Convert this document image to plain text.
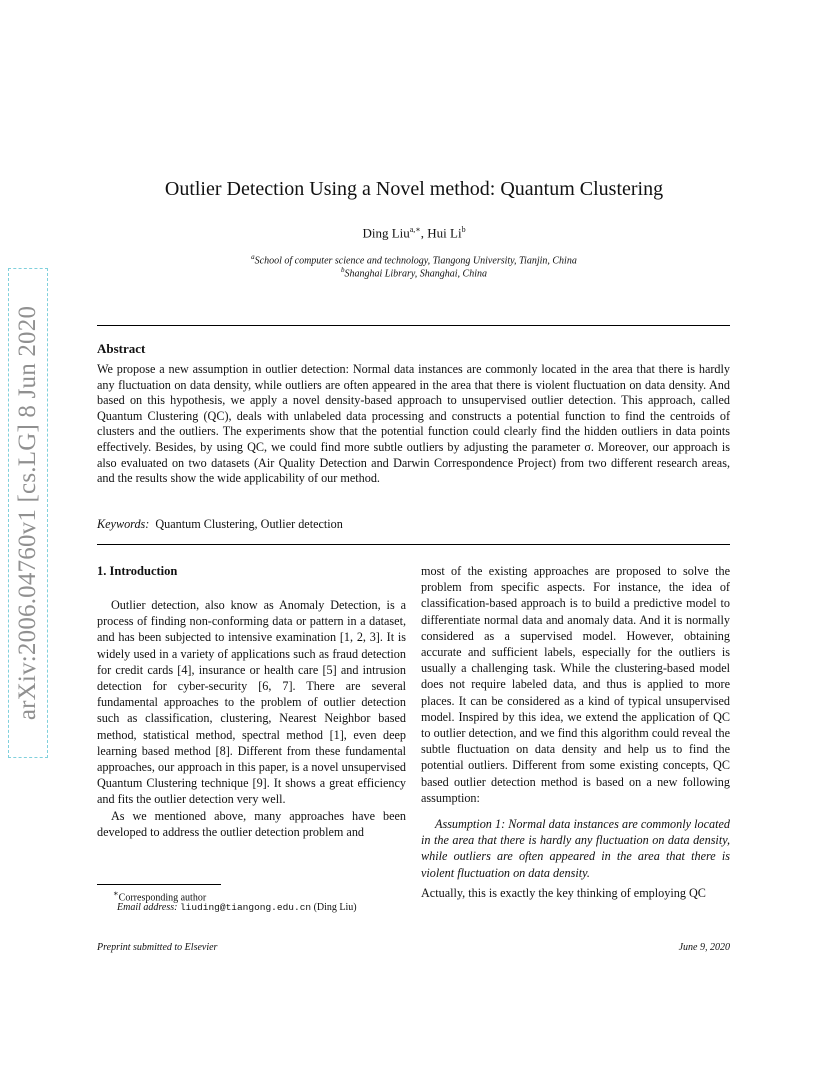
arXiv:2006.04760v1 [cs.LG] 8 Jun 2020
Outlier Detection Using a Novel method: Quantum Clustering
Ding Liu$^{a,∗}$, Hui Li$^b$
$^a$School of computer science and technology, Tiangong University, Tianjin, China
$^b$Shanghai Library, Shanghai, China
Abstract
We propose a new assumption in outlier detection: Normal data instances are commonly located in the area that there is hardly any fluctuation on data density, while outliers are often appeared in the area that there is violent fluctuation on data density. And based on this hypothesis, we apply a novel density-based approach to unsupervised outlier detection. This approach, called Quantum Clustering (QC), deals with unlabeled data processing and constructs a potential function to find the centroids of clusters and the outliers. The experiments show that the potential function could clearly find the hidden outliers in data points effectively. Besides, by using QC, we could find more subtle outliers by adjusting the parameter σ. Moreover, our approach is also evaluated on two datasets (Air Quality Detection and Darwin Correspondence Project) from two different research areas, and the results show the wide applicability of our method.
Keywords: Quantum Clustering, Outlier detection
1. Introduction

Outlier detection, also know as Anomaly Detection, is a process of finding non-conforming data or pattern in a dataset, and has been subjected to intensive examination [1, 2, 3]. It is widely used in a variety of applications such as fraud detection for credit cards [4], insurance or health care [5] and intrusion detection for cyber-security [6, 7]. There are several fundamental approaches to the problem of outlier detection such as classification, clustering, Nearest Neighbor based method, statistical method, spectral method [1], even deep learning based method [8]. Different from these fundamental approaches, our approach in this paper, is a novel unsupervised Quantum Clustering technique [9]. It shows a great efficiency and fits the outlier detection very well.

As we mentioned above, many approaches have been developed to address the outlier detection problem and

most of the existing approaches are proposed to solve the problem from specific aspects. For instance, the idea of classification-based approach is to build a predictive model to differentiate normal data and anomaly data. And it is normally considered as a supervised model. However, obtaining accurate and sufficient labels, especially for the outliers is usually a challenging task. While the clustering-based model does not require labeled data, and thus is applied to more places. It can be considered as a kind of typical unsupervised model. Inspired by this idea, we extend the application of QC to outlier detection, and we find this algorithm could reveal the subtle fluctuation on data density and help us to find the potential outliers. Different from some existing concepts, QC based outlier detection method is based on a new following assumption:

Assumption 1: Normal data instances are commonly located in the area that there is hardly any fluctuation on data density, while outliers are often appeared in the area that there is violent fluctuation on data density.

Actually, this is exactly the key thinking of employing QC

∗Corresponding author
Email address: liuding@tiangong.edu.cn (Ding Liu)
Preprint submitted to Elsevier	June 9, 2020
